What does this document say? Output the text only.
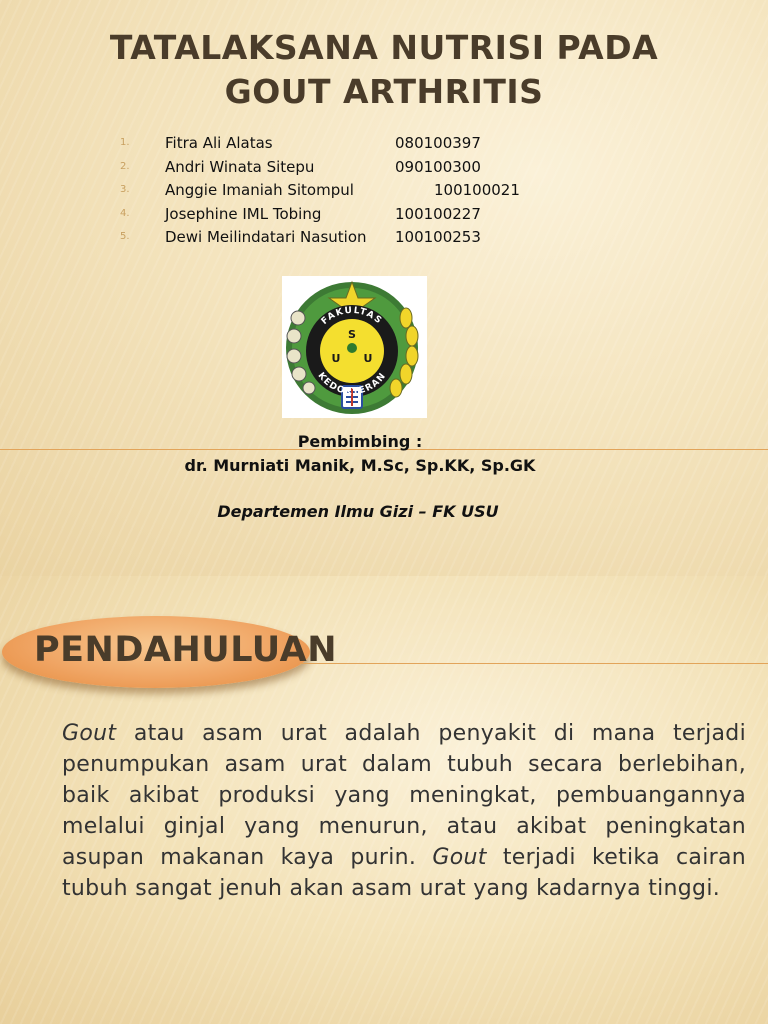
TATALAKSANA NUTRISI PADA
GOUT ARTHRITIS
1. Fitra Ali Alatas	080100397
2. Andri Winata Sitepu	090100300
3. Anggie Imaniah Sitompul	100100021
4. Josephine IML Tobing	100100227
5. Dewi Meilindatari Nasution 100100253
FAKULTAS
KEDOKTERAN
S
U U
Pembimbing :
dr. Murniati Manik, M.Sc, Sp.KK, Sp.GK
Departemen Ilmu Gizi – FK USU
PENDAHULUAN

Gout atau asam urat adalah penyakit di mana terjadi penumpukan asam urat dalam tubuh secara berlebihan, baik akibat produksi yang meningkat, pembuangannya melalui ginjal yang menurun, atau akibat peningkatan asupan makanan kaya purin. Gout terjadi ketika cairan tubuh sangat jenuh akan asam urat yang kadarnya tinggi.
